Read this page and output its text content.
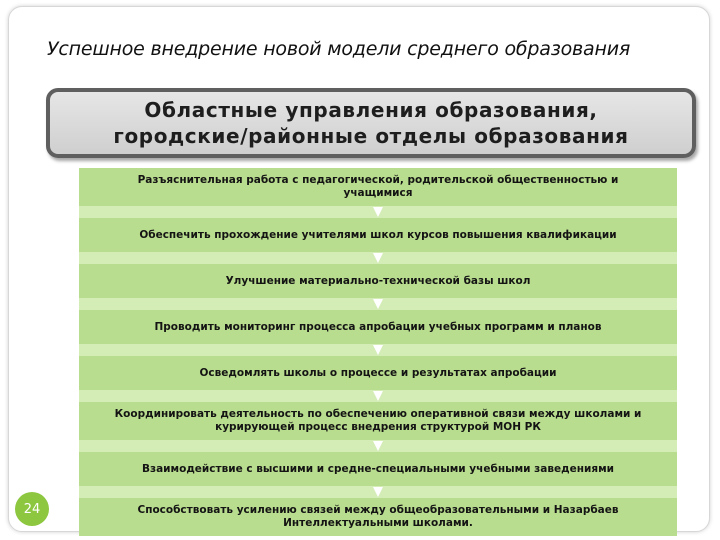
Успешное внедрение новой модели среднего образования
Областные управления образования,
городские/районные отделы образования
Разъяснительная работа с педагогической, родительской общественностью и
учащимися
Обеспечить прохождение учителями школ курсов повышения квалификации
Улучшение материально-технической базы школ
Проводить мониторинг процесса апробации учебных программ и планов
Осведомлять школы о процессе и результатах апробации
Координировать деятельность по обеспечению оперативной связи между школами и
курирующей процесс внедрения структурой МОН РК
Взаимодействие с высшими и средне-специальными учебными заведениями
Способствовать усилению связей между общеобразовательными и Назарбаев
Интеллектуальными школами.
24
